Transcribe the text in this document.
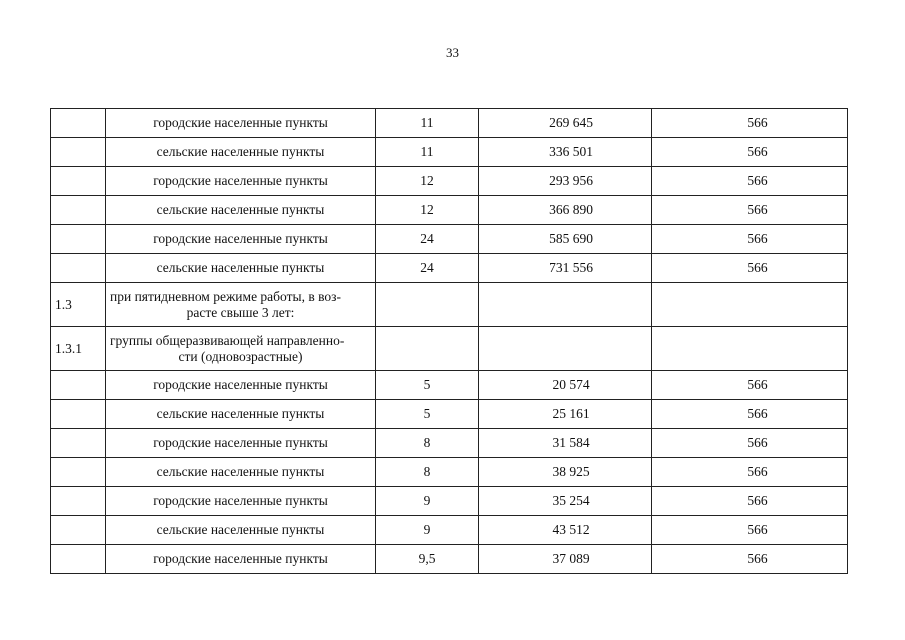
33
	городские населенные пункты	11	269 645	566
	сельские населенные пункты	11	336 501	566
	городские населенные пункты	12	293 956	566
	сельские населенные пункты	12	366 890	566
	городские населенные пункты	24	585 690	566
	сельские населенные пункты	24	731 556	566
1.3	при пятидневном режиме работы, в воз-
расте свыше 3 лет:			

1.3.1	группы общеразвивающей направленно-
сти (одновозрастные)			

	городские населенные пункты	5	20 574	566
	сельские населенные пункты	5	25 161	566
	городские населенные пункты	8	31 584	566
	сельские населенные пункты	8	38 925	566
	городские населенные пункты	9	35 254	566
	сельские населенные пункты	9	43 512	566
	городские населенные пункты	9,5	37 089	566
